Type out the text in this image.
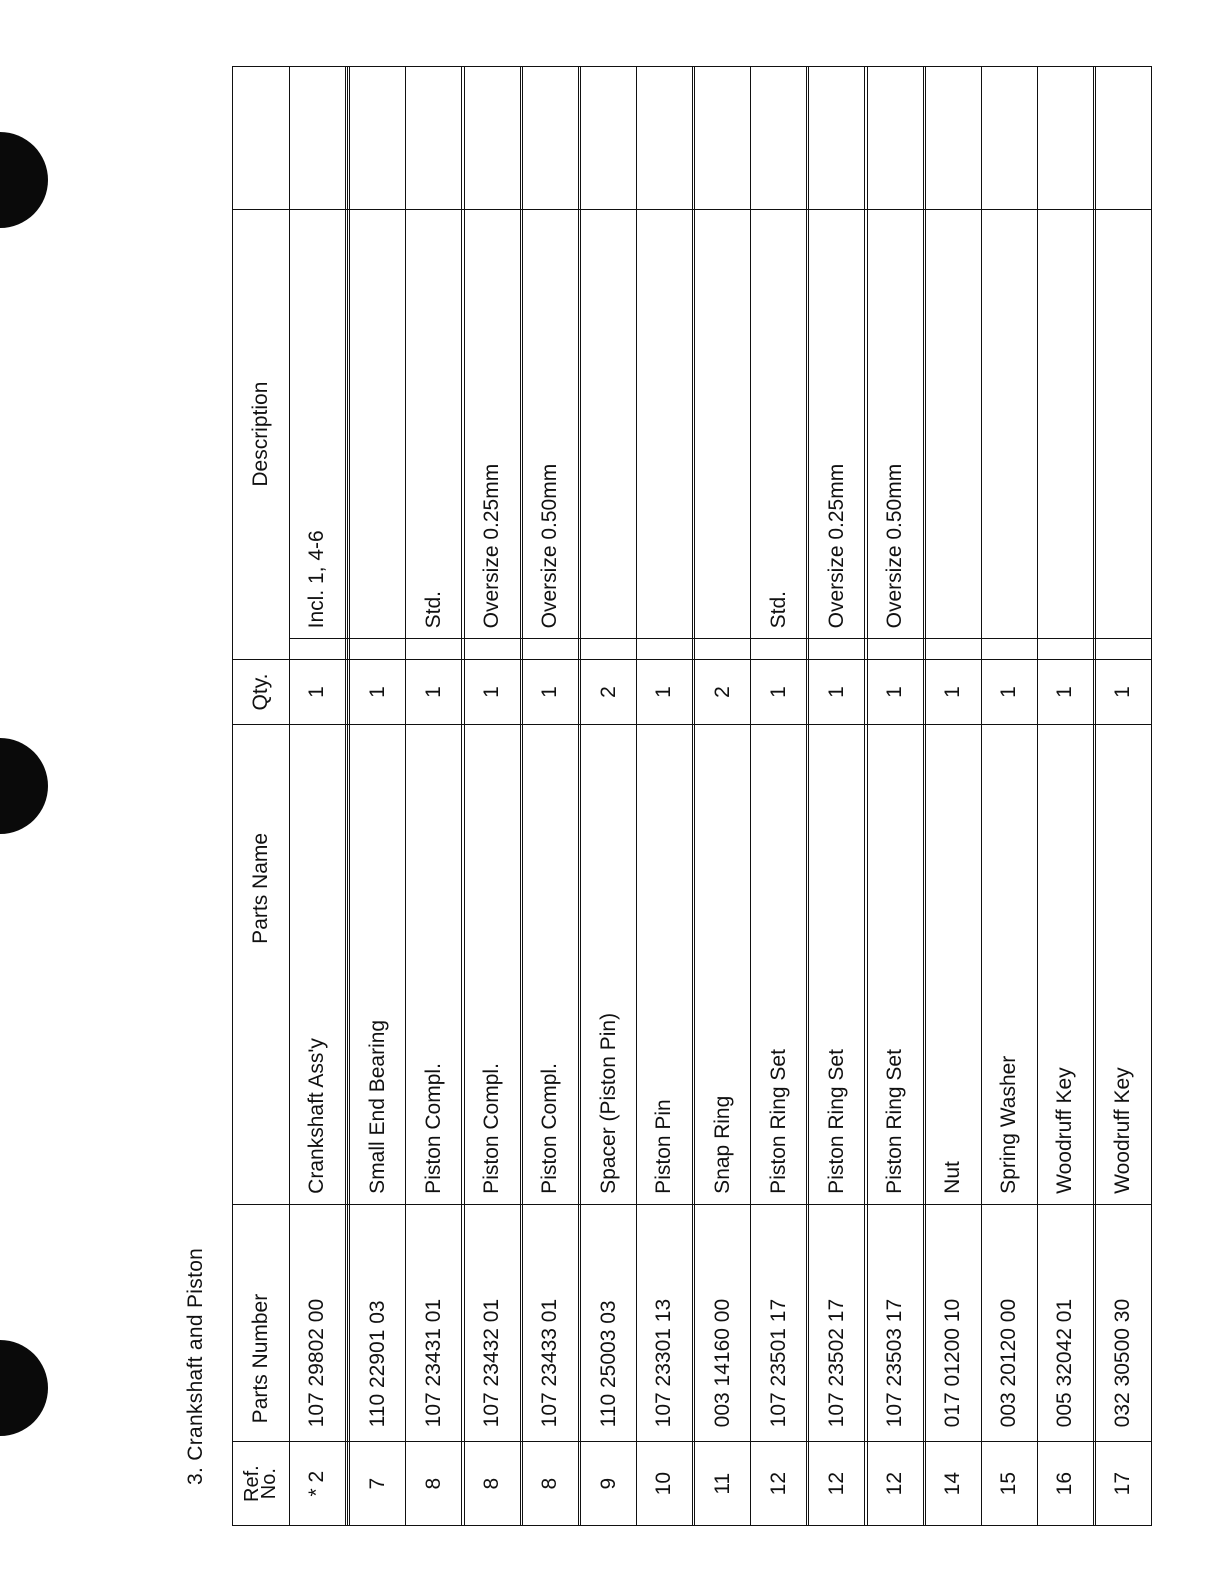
3. Crankshaft and Piston Ref.
No.	Parts Number	Parts Name	Qty.	Description		
* 2	107 29802 00	Crankshaft Ass'y	1		Incl. 1, 4-6	

7	110 22901 03	Small End Bearing	1			
8	107 23431 01	Piston Compl.	1		Std.	

8	107 23432 01	Piston Compl.	1		Oversize 0.25mm	

8	107 23433 01	Piston Compl.	1		Oversize 0.50mm	

9	110 25003 03	Spacer (Piston Pin)	2			
10	107 23301 13	Piston Pin	1			

11	003 14160 00	Snap Ring	2			
12	107 23501 17	Piston Ring Set	1		Std.	

12	107 23502 17	Piston Ring Set	1		Oversize 0.25mm	

12	107 23503 17	Piston Ring Set	1		Oversize 0.50mm	

14	017 01200 10	Nut	1			
15	003 20120 00	Spring Washer	1			
16	005 32042 01	Woodruff Key	1			

17	032 30500 30	Woodruff Key	1			
